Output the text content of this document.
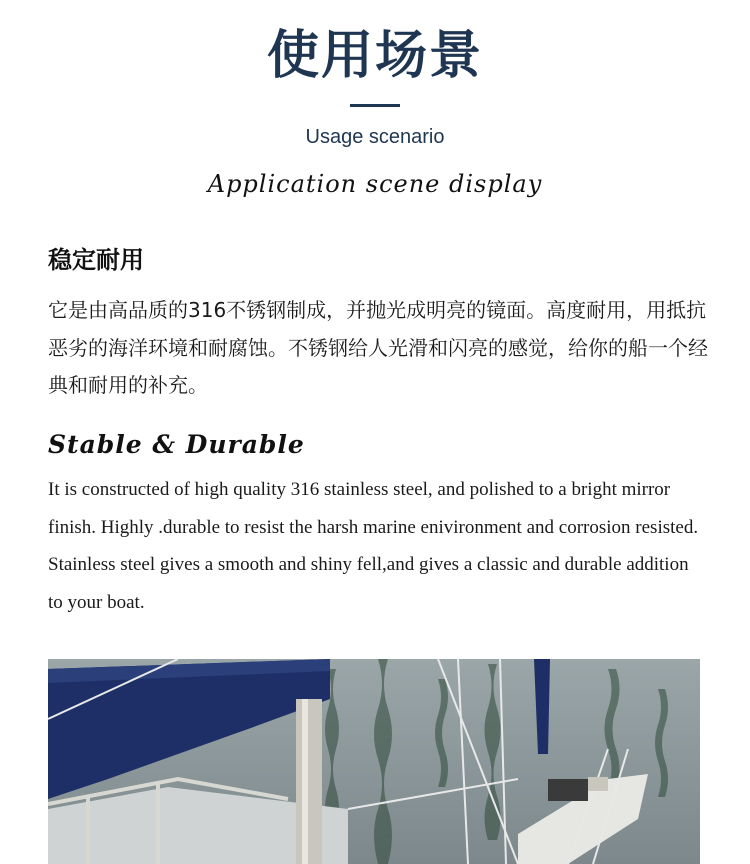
使用场景
Usage scenario
Application scene display
稳定耐用

它是由高品质的316不锈钢制成，并抛光成明亮的镜面。高度耐用，用抵抗恶劣的海洋环境和耐腐蚀。不锈钢给人光滑和闪亮的感觉，给你的船一个经典和耐用的补充。

Stable & Durable

It is constructed of high quality 316 stainless steel, and polished to a bright mirror finish. Highly .durable to resist the harsh marine enivironment and corrosion resisted. Stainless steel gives a smooth and shiny fell,and gives a classic and durable addition to your boat.
